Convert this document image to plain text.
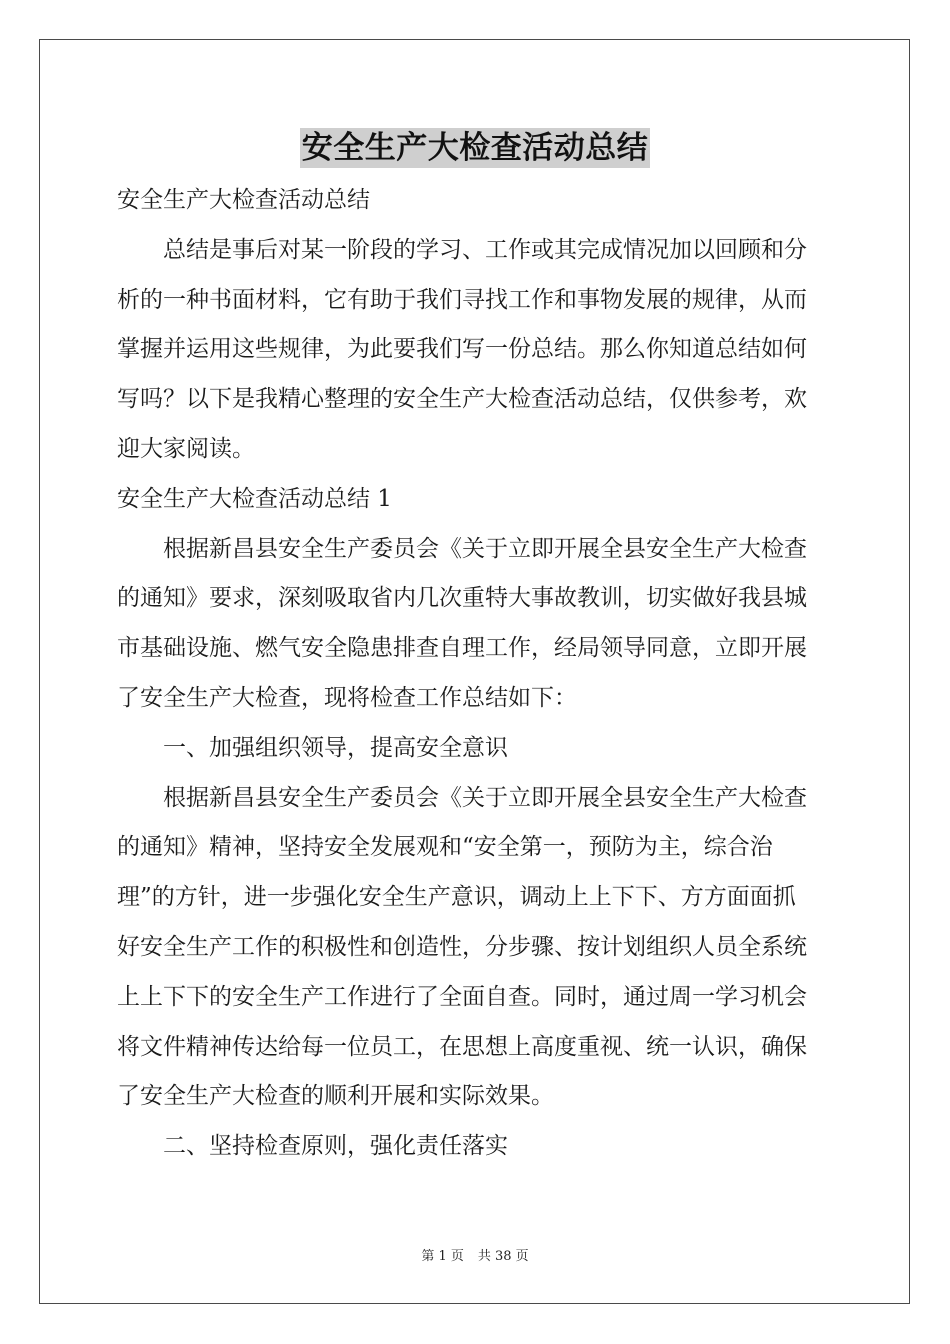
安全生产大检查活动总结

安全生产大检查活动总结

总结是事后对某一阶段的学习、工作或其完成情况加以回顾和分

析的一种书面材料，它有助于我们寻找工作和事物发展的规律，从而

掌握并运用这些规律，为此要我们写一份总结。那么你知道总结如何

写吗？以下是我精心整理的安全生产大检查活动总结，仅供参考，欢

迎大家阅读。

安全生产大检查活动总结 1

根据新昌县安全生产委员会《关于立即开展全县安全生产大检查

的通知》要求，深刻吸取省内几次重特大事故教训，切实做好我县城

市基础设施、燃气安全隐患排查自理工作，经局领导同意，立即开展

了安全生产大检查，现将检查工作总结如下：

一、加强组织领导，提高安全意识

根据新昌县安全生产委员会《关于立即开展全县安全生产大检查

的通知》精神，坚持安全发展观和“安全第一，预防为主，综合治

理”的方针，进一步强化安全生产意识，调动上上下下、方方面面抓

好安全生产工作的积极性和创造性，分步骤、按计划组织人员全系统

上上下下的安全生产工作进行了全面自查。同时，通过周一学习机会

将文件精神传达给每一位员工，在思想上高度重视、统一认识，确保

了安全生产大检查的顺利开展和实际效果。

二、坚持检查原则，强化责任落实

第 1 页 共 38 页
